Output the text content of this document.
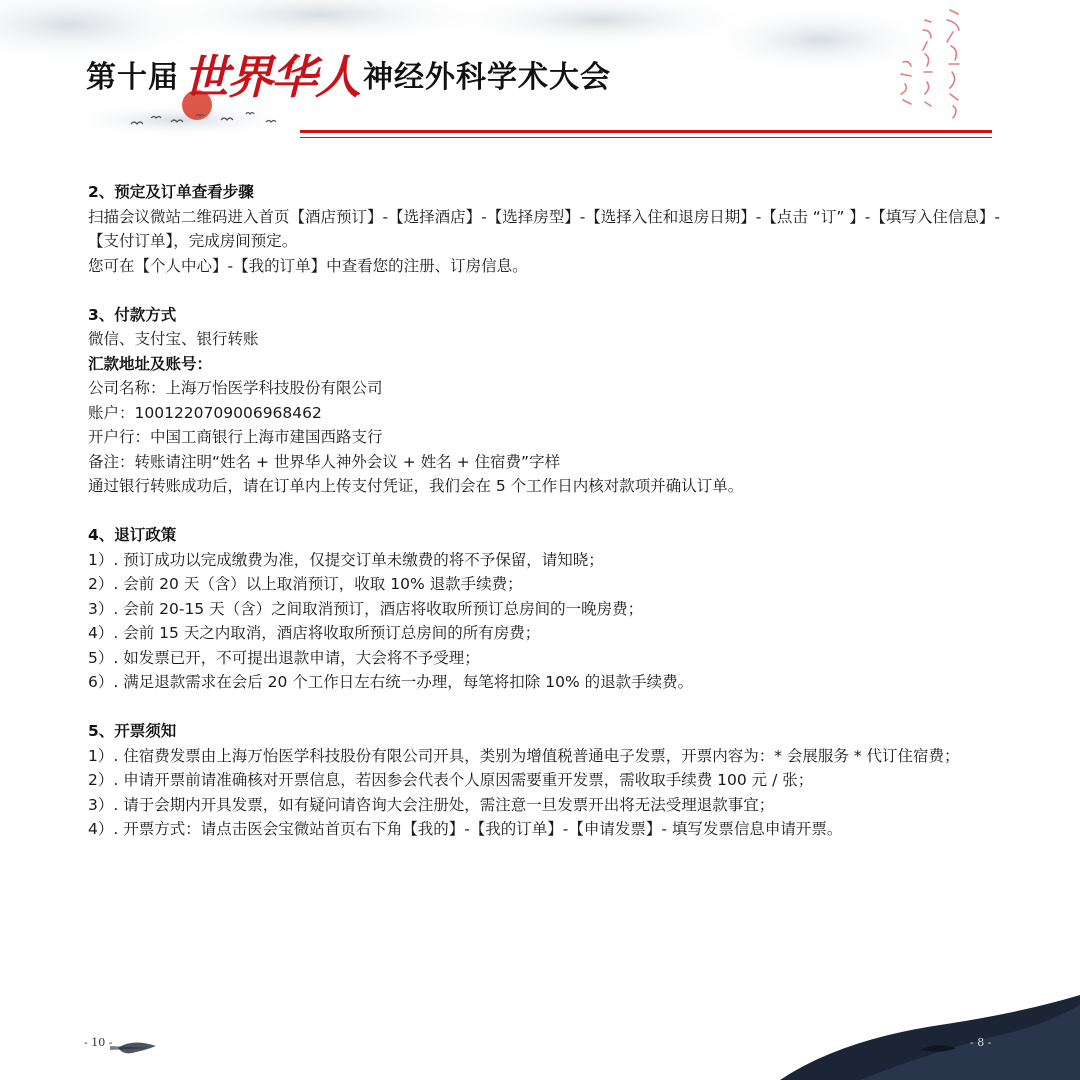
第十届 世界华人 神经外科学术大会
2、预定及订单查看步骤
扫描会议微站二维码进入首页【酒店预订】-【选择酒店】-【选择房型】-【选择入住和退房日期】-【点击 “订” 】-【填写入住信息】-
【支付订单】，完成房间预定。
您可在【个人中心】-【我的订单】中查看您的注册、订房信息。
3、付款方式
微信、支付宝、银行转账
汇款地址及账号：
公司名称：上海万怡医学科技股份有限公司
账户：1001220709006968462
开户行：中国工商银行上海市建国西路支行
备注：转账请注明“姓名 + 世界华人神外会议 + 姓名 + 住宿费”字样
通过银行转账成功后，请在订单内上传支付凭证，我们会在 5 个工作日内核对款项并确认订单。
4、退订政策
1）. 预订成功以完成缴费为准，仅提交订单未缴费的将不予保留，请知晓；
2）. 会前 20 天（含）以上取消预订，收取 10% 退款手续费；
3）. 会前 20-15 天（含）之间取消预订，酒店将收取所预订总房间的一晚房费；
4）. 会前 15 天之内取消，酒店将收取所预订总房间的所有房费；
5）. 如发票已开，不可提出退款申请，大会将不予受理；
6）. 满足退款需求在会后 20 个工作日左右统一办理，每笔将扣除 10% 的退款手续费。
5、开票须知
1）. 住宿费发票由上海万怡医学科技股份有限公司开具，类别为增值税普通电子发票，开票内容为：* 会展服务 * 代订住宿费；
2）. 申请开票前请准确核对开票信息，若因参会代表个人原因需要重开发票，需收取手续费 100 元 / 张；
3）. 请于会期内开具发票，如有疑问请咨询大会注册处，需注意一旦发票开出将无法受理退款事宜；
4）. 开票方式：请点击医会宝微站首页右下角【我的】-【我的订单】-【申请发票】- 填写发票信息申请开票。
- 10 -	- 8 -
